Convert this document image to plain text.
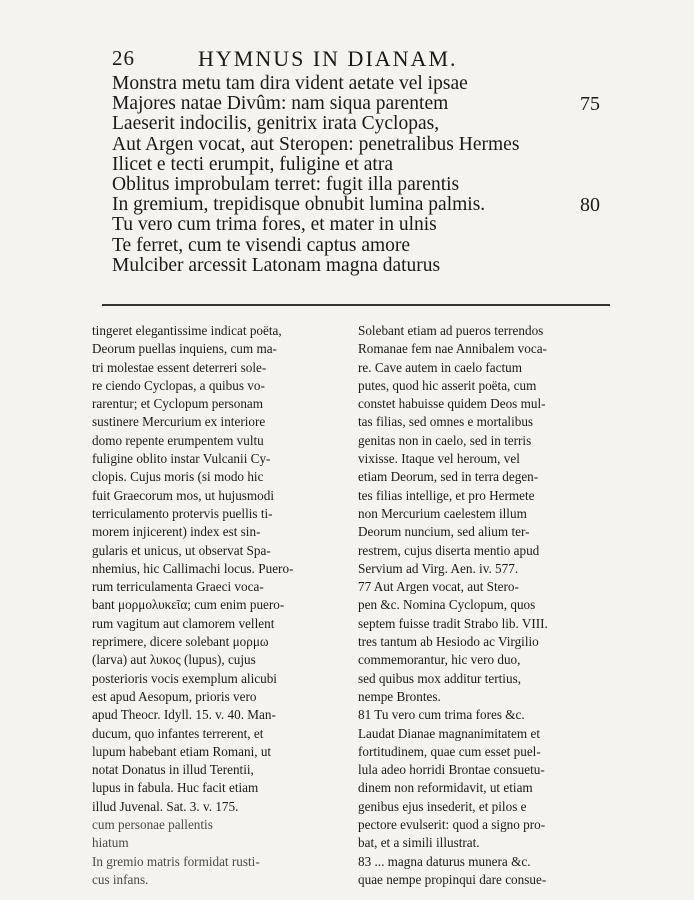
26	HYMNUS IN DIANAM.
Monstra metu tam dira vident aetate vel ipsae
Majores natae Divûm: nam siqua parentem	75
Laeserit indocilis, genitrix irata Cyclopas,
Aut Argen vocat, aut Steropen: penetralibus Hermes
Ilicet e tecti erumpit, fuligine et atra
Oblitus improbulam terret: fugit illa parentis
In gremium, trepidisque obnubit lumina palmis.	80
Tu vero cum trima fores, et mater in ulnis
Te ferret, cum te visendi captus amore
Mulciber arcessit Latonam magna daturus
tingeret elegantissime indicat poëta,
Deorum puellas inquiens, cum ma-
tri molestae essent deterreri sole-
re ciendo Cyclopas, a quibus vo-
rarentur; et Cyclopum personam
sustinere Mercurium ex interiore
domo repente erumpentem vultu
fuligine oblito instar Vulcanii Cy-
clopis. Cujus moris (si modo hic
fuit Graecorum mos, ut hujusmodi
terriculamento protervis puellis ti-
morem injicerent) index est sin-
gularis et unicus, ut observat Spa-
nhemius, hic Callimachi locus. Puero-
rum terriculamenta Graeci voca-
bant μορμολυκεῖα; cum enim puero-
rum vagitum aut clamorem vellent
reprimere, dicere solebant μορμω
(larva) aut λυκος (lupus), cujus
posterioris vocis exemplum alicubi
est apud Aesopum, prioris vero
apud Theocr. Idyll. 15. v. 40. Man-
ducum, quo infantes terrerent, et
lupum habebant etiam Romani, ut
notat Donatus in illud Terentii,
lupus in fabula. Huc facit etiam
illud Juvenal. Sat. 3. v. 175.
cum personae pallentis
hiatum
In gremio matris formidat rusti-
cus infans.
Solebant etiam ad pueros terrendos
Romanae fem nae Annibalem voca-
re. Cave autem in caelo factum
putes, quod hic asserit poëta, cum
constet habuisse quidem Deos mul-
tas filias, sed omnes e mortalibus
genitas non in caelo, sed in terris
vixisse. Itaque vel heroum, vel
etiam Deorum, sed in terra degen-
tes filias intellige, et pro Hermete
non Mercurium caelestem illum
Deorum nuncium, sed alium ter-
restrem, cujus diserta mentio apud
Servium ad Virg. Aen. iv. 577.
77 Aut Argen vocat, aut Stero-
pen &c. Nomina Cyclopum, quos
septem fuisse tradit Strabo lib. VIII.
tres tantum ab Hesiodo ac Virgilio
commemorantur, hic vero duo,
sed quibus mox additur tertius,
nempe Brontes.
81 Tu vero cum trima fores &c.
Laudat Dianae magnanimitatem et
fortitudinem, quae cum esset puel-
lula adeo horridi Brontae consuetu-
dinem non reformidavit, ut etiam
genibus ejus insederit, et pilos e
pectore evulserit: quod a signo pro-
bat, et a simili illustrat.
83 ... magna daturus munera &c.
quae nempe propinqui dare consue-
